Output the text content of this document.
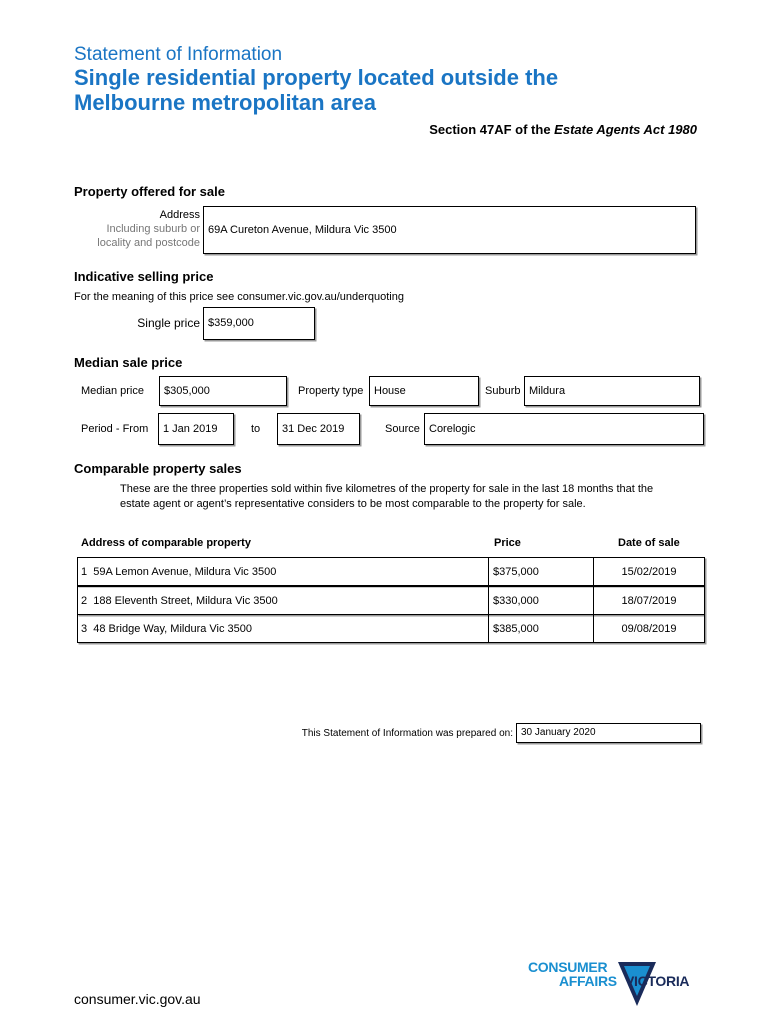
Statement of Information
Single residential property located outside the
Melbourne metropolitan area
Section 47AF of the Estate Agents Act 1980
Property offered for sale
Address
Including suburb or
locality and postcode
69A Cureton Avenue, Mildura Vic 3500
Indicative selling price
For the meaning of this price see consumer.vic.gov.au/underquoting
Single price $359,000
Median sale price
Median price	$305,000	Property type House	Suburb Mildura
Period - From	1 Jan 2019	to	31 Dec 2019	Source Corelogic
Comparable property sales
These are the three properties sold within five kilometres of the property for sale in the last 18 months that the
estate agent or agent’s representative considers to be most comparable to the property for sale.
Address of comparable property	Price	Date of sale
1 59A Lemon Avenue, Mildura Vic 3500	$375,000	15/02/2019
2 188 Eleventh Street, Mildura Vic 3500	$330,000	18/07/2019
3 48 Bridge Way, Mildura Vic 3500	$385,000	09/08/2019
This Statement of Information was prepared on: 30 January 2020
consumer.vic.gov.au
CONSUMER
AFFAIRS VICTORIA
